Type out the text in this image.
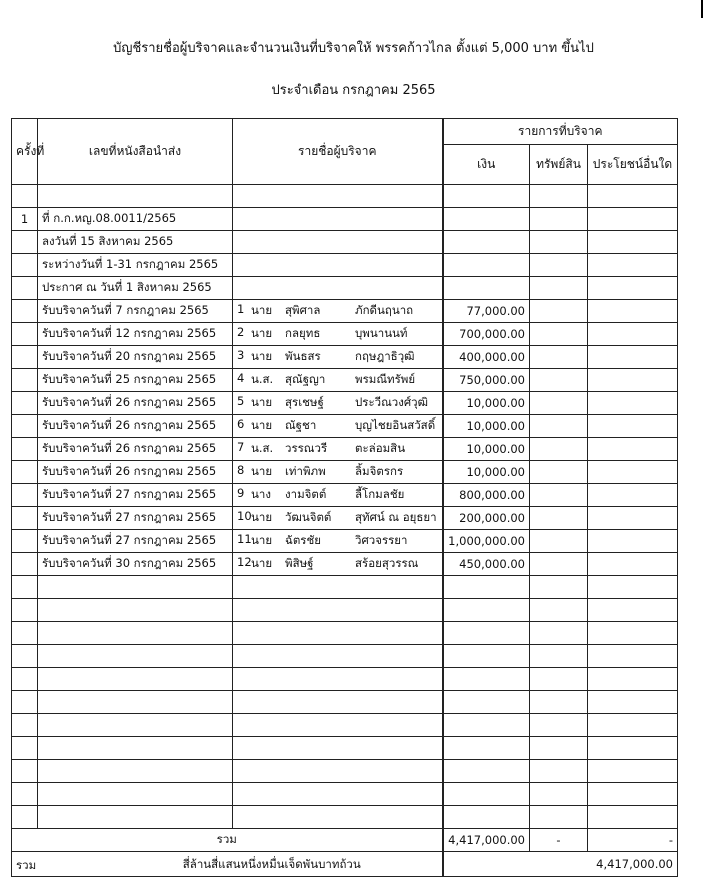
บัญชีรายชื่อผู้บริจาคและจำนวนเงินที่บริจาคให้ พรรคก้าวไกล ตั้งแต่ 5,000 บาท ขึ้นไป
ประจำเดือน กรกฎาคม 2565
ครั้งที่	เลขที่หนังสือนำส่ง	รายชื่อผู้บริจาค	รายการที่บริจาค		
			เงิน	ทรัพย์สิน	ประโยชน์อื่นใด

1	ที่ ก.ก.หญ.08.0011/2565				
	ลงวันที่ 15 สิงหาคม 2565				
	ระหว่างวันที่ 1-31 กรกฎาคม 2565				
	ประกาศ ณ วันที่ 1 สิงหาคม 2565				
	รับบริจาควันที่ 7 กรกฎาคม 2565	1 นาย สุพิศาล ภักดีนฤนาถ	77,000.00		
	รับบริจาควันที่ 12 กรกฎาคม 2565	2 นาย กลยุทธ บุพนานนท์	700,000.00		
	รับบริจาควันที่ 20 กรกฎาคม 2565	3 นาย พันธสร กฤษฎาธิวุฒิ	400,000.00		
	รับบริจาควันที่ 25 กรกฎาคม 2565	4 น.ส. สุณัฐญา พรมณีทรัพย์	750,000.00		
	รับบริจาควันที่ 26 กรกฎาคม 2565	5 นาย สุรเชษฐ์ ประวีณวงศ์วุฒิ	10,000.00		
	รับบริจาควันที่ 26 กรกฎาคม 2565	6 นาย ณัฐชา บุญไชยอินสวัสดิ์	10,000.00		
	รับบริจาควันที่ 26 กรกฎาคม 2565	7 น.ส. วรรณวรี ตะล่อมสิน	10,000.00		
	รับบริจาควันที่ 26 กรกฎาคม 2565	8 นาย เท่าพิภพ ลิ้มจิตรกร	10,000.00		
	รับบริจาควันที่ 27 กรกฎาคม 2565	9 นาง งามจิตต์ ลี้โกมลชัย	800,000.00		
	รับบริจาควันที่ 27 กรกฎาคม 2565	10 นาย วัฒนจิตต์ สุทัศน์ ณ อยุธยา	200,000.00		
	รับบริจาควันที่ 27 กรกฎาคม 2565	11 นาย ฉัตรชัย วิศวจรรยา	1,000,000.00		
	รับบริจาควันที่ 30 กรกฎาคม 2565	12 นาย พิสิษฐ์ สร้อยสุวรรณ	450,000.00		

รวม			4,417,000.00	-	-

รวม สี่ล้านสี่แสนหนึ่งหมื่นเจ็ดพันบาทถ้วน			4,417,000.00		
